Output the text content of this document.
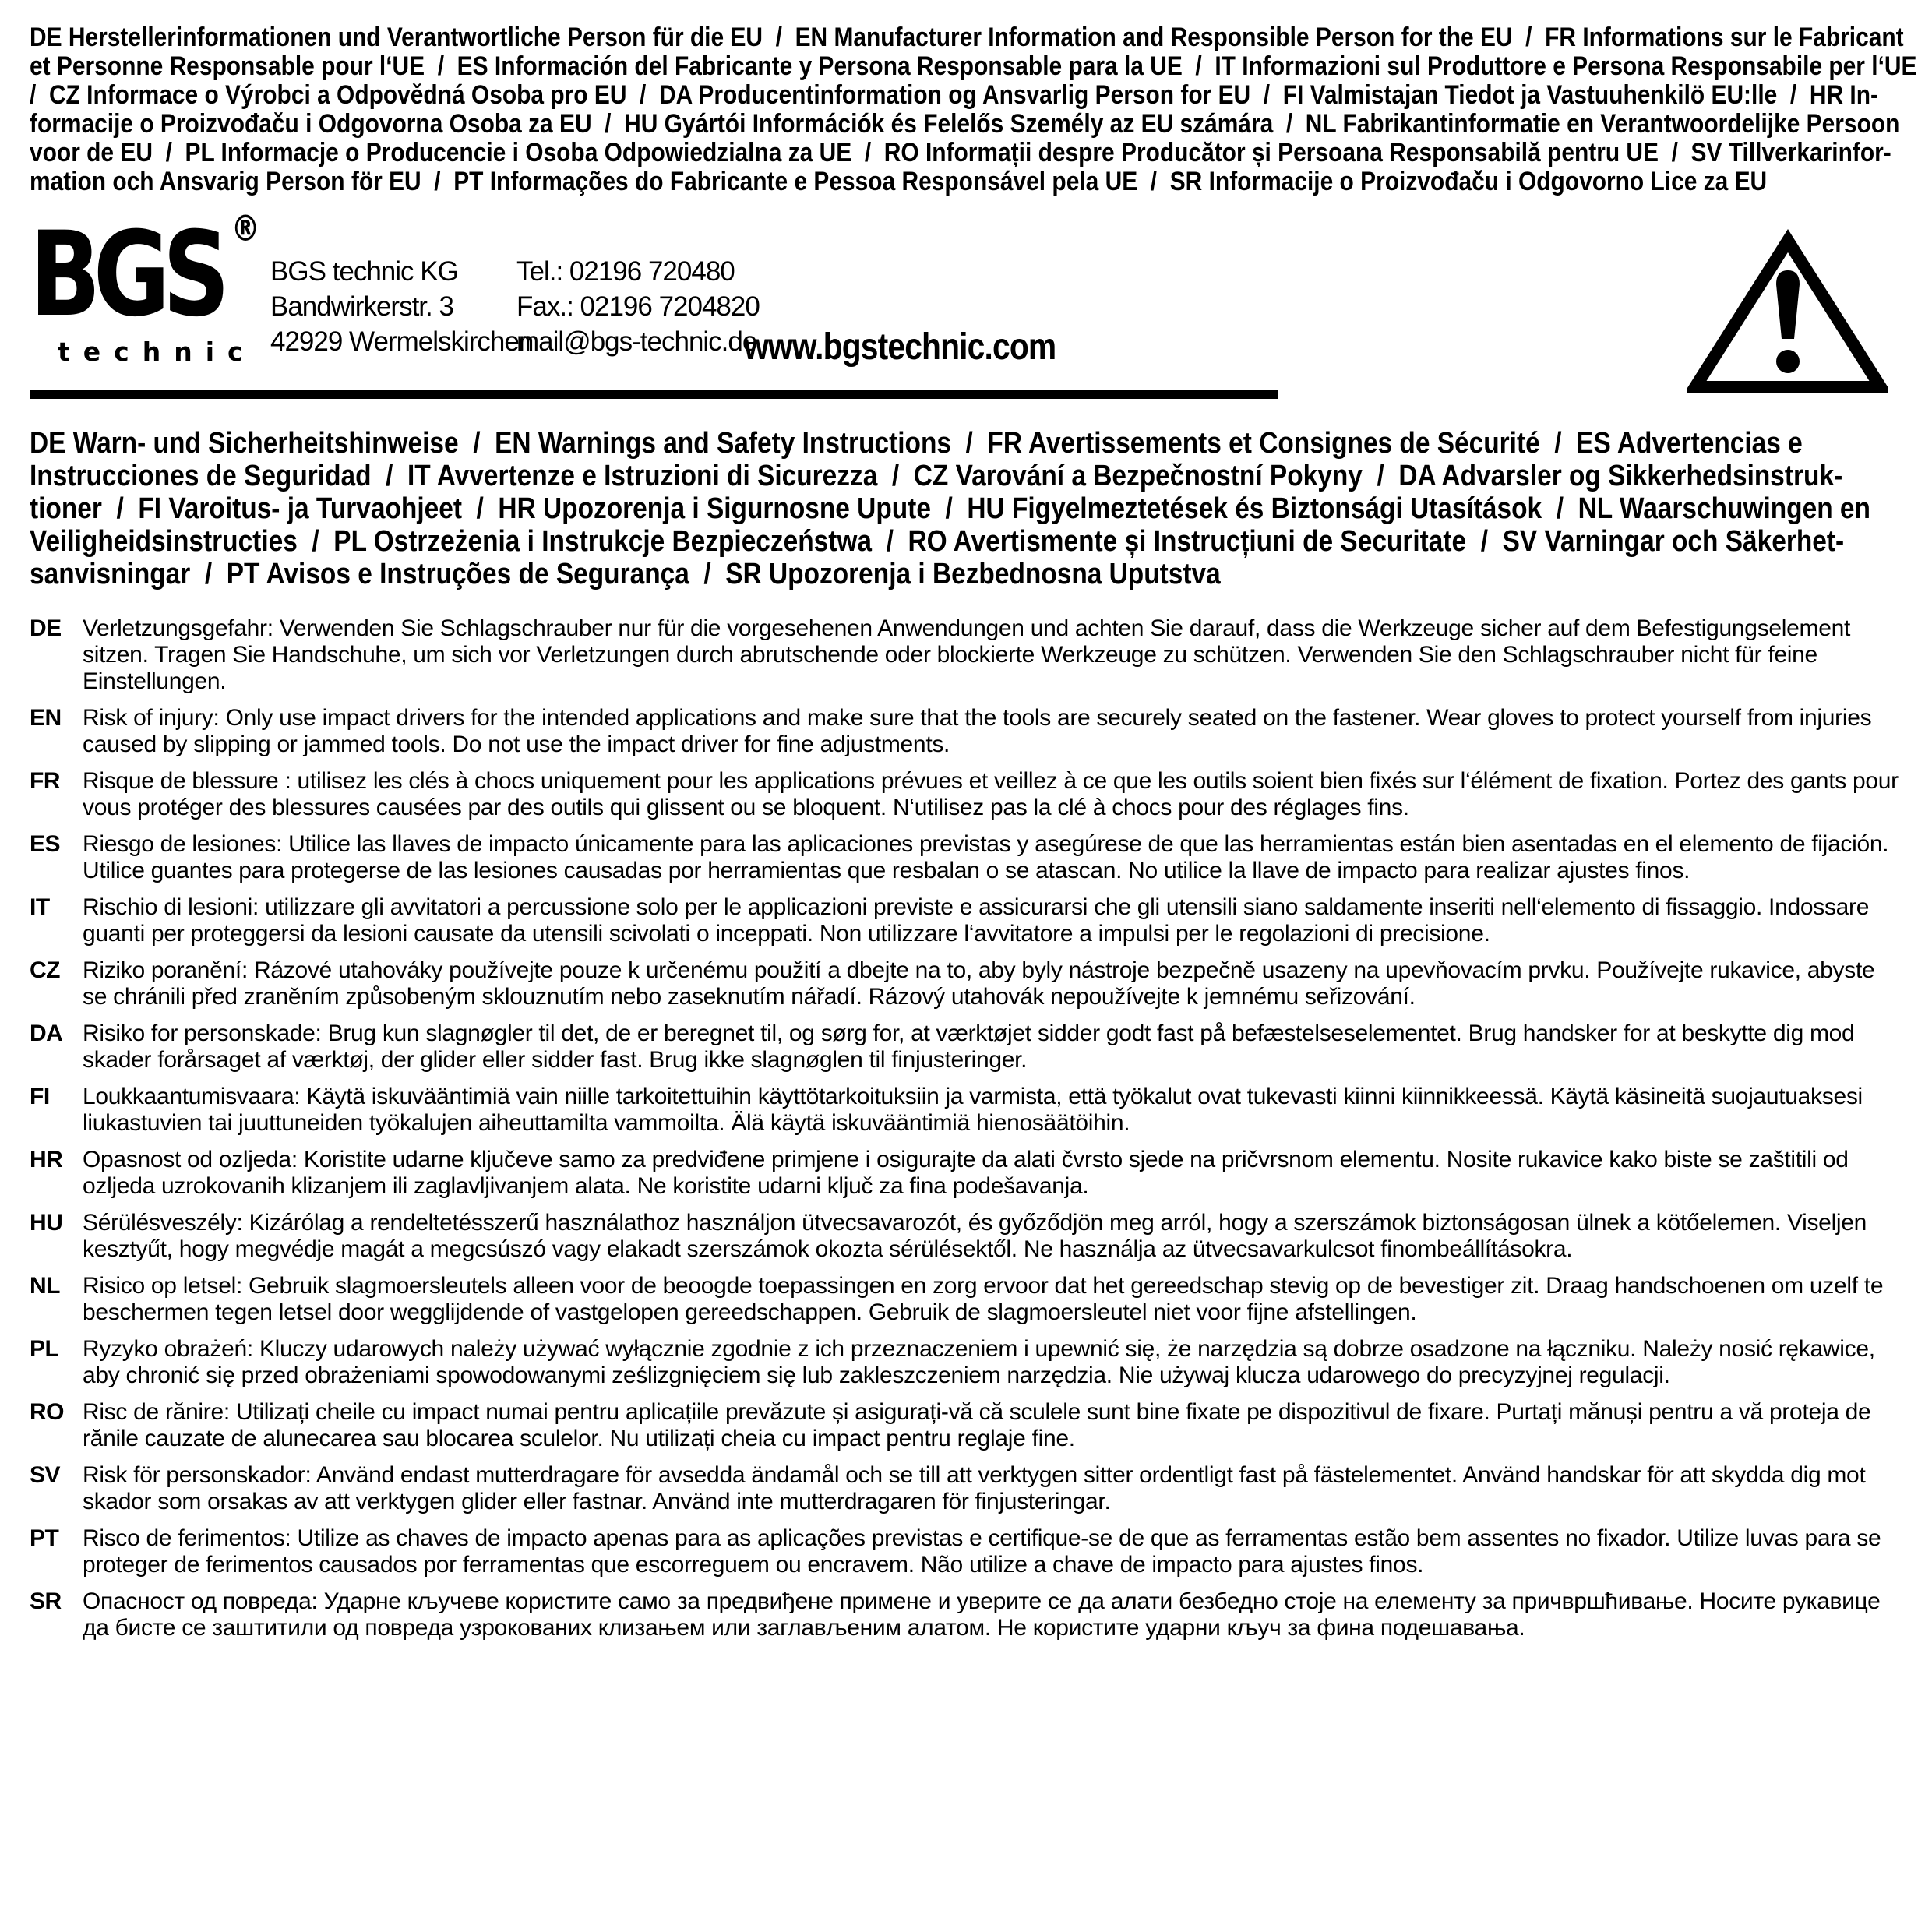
DE Herstellerinformationen und Verantwortliche Person für die EU  /  EN Manufacturer Information and Responsible Person for the EU  /  FR Informations sur le Fabricant
et Personne Responsable pour l‘UE  /  ES Información del Fabricante y Persona Responsable para la UE  /  IT Informazioni sul Produttore e Persona Responsabile per l‘UE
/  CZ Informace o Výrobci a Odpovědná Osoba pro EU  /  DA Producentinformation og Ansvarlig Person for EU  /  FI Valmistajan Tiedot ja Vastuuhenkilö EU:lle  /  HR In-
formacije o Proizvođaču i Odgovorna Osoba za EU  /  HU Gyártói Információk és Felelős Személy az EU számára  /  NL Fabrikantinformatie en Verantwoordelijke Persoon
voor de EU  /  PL Informacje o Producencie i Osoba Odpowiedzialna za UE  /  RO Informații despre Producător și Persoana Responsabilă pentru UE  /  SV Tillverkarinfor-
mation och Ansvarig Person för EU  /  PT Informações do Fabricante e Pessoa Responsável pela UE  /  SR Informacije o Proizvođaču i Odgovorno Lice za EU
BGS ®
technic
BGS technic KG
Bandwirkerstr. 3
42929 Wermelskirchen
Tel.: 02196 720480
Fax.: 02196 7204820
mail@bgs-technic.de
www.bgstechnic.com
DE Warn- und Sicherheitshinweise  /  EN Warnings and Safety Instructions  /  FR Avertissements et Consignes de Sécurité  /  ES Advertencias e
Instrucciones de Seguridad  /  IT Avvertenze e Istruzioni di Sicurezza  /  CZ Varování a Bezpečnostní Pokyny  /  DA Advarsler og Sikkerhedsinstruk-
tioner  /  FI Varoitus- ja Turvaohjeet  /  HR Upozorenja i Sigurnosne Upute  /  HU Figyelmeztetések és Biztonsági Utasítások  /  NL Waarschuwingen en
Veiligheidsinstructies  /  PL Ostrzeżenia i Instrukcje Bezpieczeństwa  /  RO Avertismente și Instrucțiuni de Securitate  /  SV Varningar och Säkerhet-
sanvisningar  /  PT Avisos e Instruções de Segurança  /  SR Upozorenja i Bezbednosna Uputstva
DE Verletzungsgefahr: Verwenden Sie Schlagschrauber nur für die vorgesehenen Anwendungen und achten Sie darauf, dass die Werkzeuge sicher auf dem Befestigungselement sitzen. Tragen Sie Handschuhe, um sich vor Verletzungen durch abrutschende oder blockierte Werkzeuge zu schützen. Verwenden Sie den Schlagschrauber nicht für feine Einstellungen.
EN Risk of injury: Only use impact drivers for the intended applications and make sure that the tools are securely seated on the fastener. Wear gloves to protect yourself from injuries caused by slipping or jammed tools. Do not use the impact driver for fine adjustments.
FR Risque de blessure : utilisez les clés à chocs uniquement pour les applications prévues et veillez à ce que les outils soient bien fixés sur l‘élément de fixation. Portez des gants pour vous protéger des blessures causées par des outils qui glissent ou se bloquent. N‘utilisez pas la clé à chocs pour des réglages fins.
ES Riesgo de lesiones: Utilice las llaves de impacto únicamente para las aplicaciones previstas y asegúrese de que las herramientas están bien asentadas en el elemento de fijación. Utilice guantes para protegerse de las lesiones causadas por herramientas que resbalan o se atascan. No utilice la llave de impacto para realizar ajustes finos.
IT	Rischio di lesioni: utilizzare gli avvitatori a percussione solo per le applicazioni previste e assicurarsi che gli utensili siano saldamente inseriti nell‘elemento di fissaggio. Indossare guanti per proteggersi da lesioni causate da utensili scivolati o inceppati. Non utilizzare l‘avvitatore a impulsi per le regolazioni di precisione.
CZ Riziko poranění: Rázové utahováky používejte pouze k určenému použití a dbejte na to, aby byly nástroje bezpečně usazeny na upevňovacím prvku. Používejte rukavice, abyste se chránili před zraněním způsobeným sklouznutím nebo zaseknutím nářadí. Rázový utahovák nepoužívejte k jemnému seřizování.
DA Risiko for personskade: Brug kun slagnøgler til det, de er beregnet til, og sørg for, at værktøjet sidder godt fast på befæstelseselementet. Brug handsker for at beskytte dig mod skader forårsaget af værktøj, der glider eller sidder fast. Brug ikke slagnøglen til finjusteringer.
FI	Loukkaantumisvaara: Käytä iskuvääntimiä vain niille tarkoitettuihin käyttötarkoituksiin ja varmista, että työkalut ovat tukevasti kiinni kiinnikkeessä. Käytä käsineitä suojautuaksesi liukastuvien tai juuttuneiden työkalujen aiheuttamilta vammoilta. Älä käytä iskuvääntimiä hienosäätöihin.
HR Opasnost od ozljeda: Koristite udarne ključeve samo za predviđene primjene i osigurajte da alati čvrsto sjede na pričvrsnom elementu. Nosite rukavice kako biste se zaštitili od ozljeda uzrokovanih klizanjem ili zaglavljivanjem alata. Ne koristite udarni ključ za fina podešavanja.
HU Sérülésveszély: Kizárólag a rendeltetésszerű használathoz használjon ütvecsavarozót, és győződjön meg arról, hogy a szerszámok biztonságosan ülnek a kötőelemen. Viseljen kesztyűt, hogy megvédje magát a megcsúszó vagy elakadt szerszámok okozta sérülésektől. Ne használja az ütvecsavarkulcsot finombeállításokra.
NL Risico op letsel: Gebruik slagmoersleutels alleen voor de beoogde toepassingen en zorg ervoor dat het gereedschap stevig op de bevestiger zit. Draag handschoenen om uzelf te beschermen tegen letsel door wegglijdende of vastgelopen gereedschappen. Gebruik de slagmoersleutel niet voor fijne afstellingen.
PL	Ryzyko obrażeń: Kluczy udarowych należy używać wyłącznie zgodnie z ich przeznaczeniem i upewnić się, że narzędzia są dobrze osadzone na łączniku. Należy nosić rękawice, aby chronić się przed obrażeniami spowodowanymi ześlizgnięciem się lub zakleszczeniem narzędzia. Nie używaj klucza udarowego do precyzyjnej regulacji.
RO Risc de rănire: Utilizați cheile cu impact numai pentru aplicațiile prevăzute și asigurați-vă că sculele sunt bine fixate pe dispozitivul de fixare. Purtați mănuși pentru a vă proteja de rănile cauzate de alunecarea sau blocarea sculelor. Nu utilizați cheia cu impact pentru reglaje fine.
SV Risk för personskador: Använd endast mutterdragare för avsedda ändamål och se till att verktygen sitter ordentligt fast på fästelementet. Använd handskar för att skydda dig mot skador som orsakas av att verktygen glider eller fastnar. Använd inte mutterdragaren för finjusteringar.
PT	Risco de ferimentos: Utilize as chaves de impacto apenas para as aplicações previstas e certifique-se de que as ferramentas estão bem assentes no fixador. Utilize luvas para se proteger de ferimentos causados por ferramentas que escorreguem ou encravem. Não utilize a chave de impacto para ajustes finos.
SR Опасност од повреда: Ударне кључеве користите само за предвиђене примене и уверите се да алати безбедно стоје на елементу за причвршћивање. Носите рукавице да бисте се заштитили од повреда узрокованих клизањем или заглављеним алатом. Не користите ударни кључ за фина подешавања.
